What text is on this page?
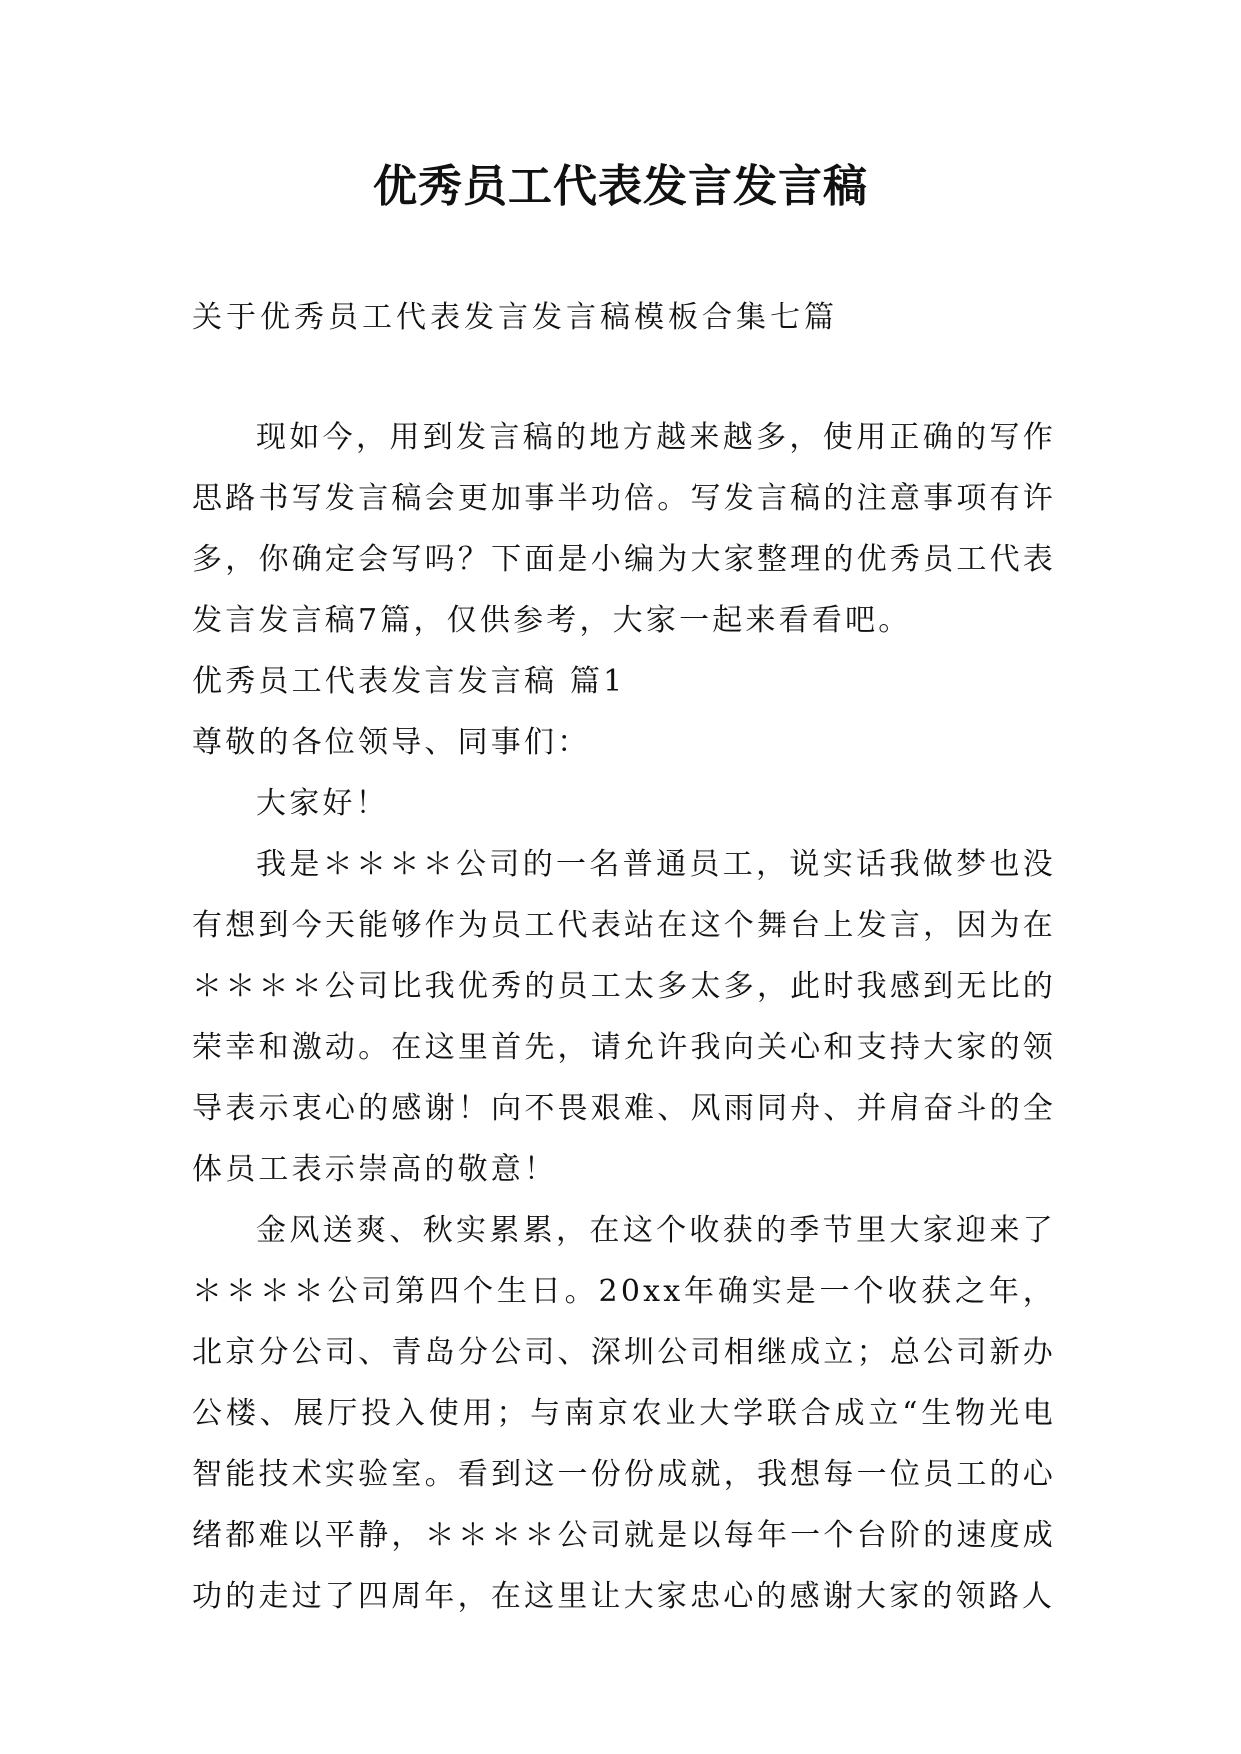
优秀员工代表发言发言稿
关于优秀员工代表发言发言稿模板合集七篇

现如今，用到发言稿的地方越来越多，使用正确的写作思路书写发言稿会更加事半功倍。写发言稿的注意事项有许多，你确定会写吗？下面是小编为大家整理的优秀员工代表发言发言稿7篇，仅供参考，大家一起来看看吧。

优秀员工代表发言发言稿 篇1

尊敬的各位领导、同事们：

大家好！

我是＊＊＊＊公司的一名普通员工，说实话我做梦也没有想到今天能够作为员工代表站在这个舞台上发言，因为在＊＊＊＊公司比我优秀的员工太多太多，此时我感到无比的荣幸和激动。在这里首先，请允许我向关心和支持大家的领导表示衷心的感谢！向不畏艰难、风雨同舟、并肩奋斗的全体员工表示崇高的敬意！

金风送爽、秋实累累，在这个收获的季节里大家迎来了＊＊＊＊公司第四个生日。20xx年确实是一个收获之年，北京分公司、青岛分公司、深圳公司相继成立；总公司新办公楼、展厅投入使用；与南京农业大学联合成立“生物光电智能技术实验室。看到这一份份成就，我想每一位员工的心绪都难以平静，＊＊＊＊公司就是以每年一个台阶的速度成功的走过了四周年，在这里让大家忠心的感谢大家的领路人
